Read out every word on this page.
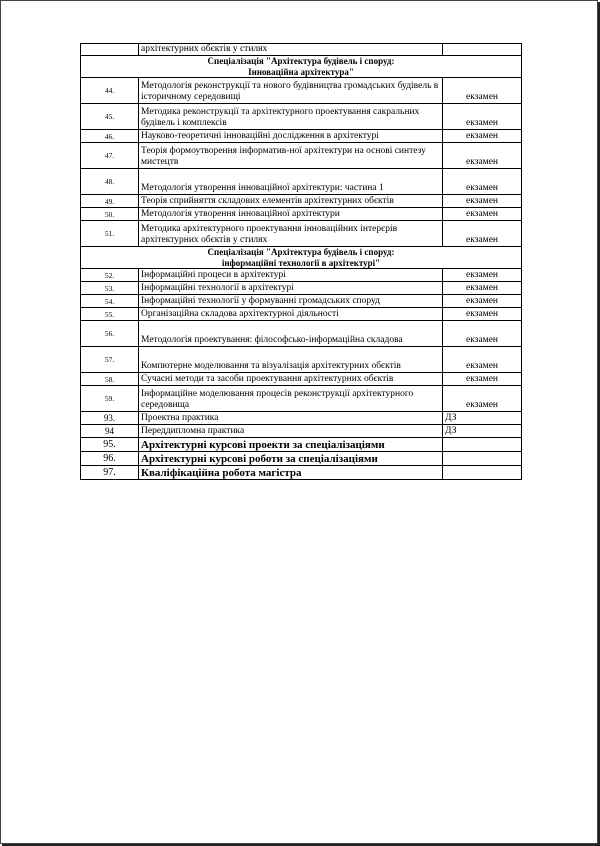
	архітектурних обєктів у стилях	
Спеціалізація "Архітектура будівель і споруд:
Інноваційна архітектура"		
44.	Методологія реконструкції та нового будівництва громадських будівель в історичному середовищі	екзамен
45.	Методика реконструкції та архітектурного проектування сакральних будівель і комплексів	екзамен
46.	Науково-теоретичні інноваційні дослідження в архітектурі	екзамен
47.	Теорія формоутворення інформатив-ної архітектури на основі синтезу мистецтв	екзамен
48.	Методологія утворення інноваційної архітектури: частина 1	екзамен
49.	Теорія сприйняття складових елементів архітектурних обєктів	екзамен
50.	Методологія утворення інноваційної архітектури	екзамен
51.	Методика архітектурного проектування інноваційних інтерєрів архітектурних обєктів у стилях	екзамен
Спеціалізація "Архітектура будівель і споруд:
інформаційні технології в архітектурі"		
52.	Інформаційні процеси в архітектурі	екзамен
53.	Інформаційні технології в архітектурі	екзамен
54.	Інформаційні технології у формуванні громадських споруд	екзамен
55.	Організаційна складова архітектурної діяльності	екзамен
56.	Методологія проектування: філософсько-інформаційна складова	екзамен
57.	Компютерне моделювання та візуалізація архітектурних обєктів	екзамен
58.	Сучасні методи та засоби проектування архітектурних обєктів	екзамен
59.	Інформаційне моделювання процесів реконструкції архітектурного середовища	екзамен
93.	Проектна практика	ДЗ
94	Переддипломна практика	ДЗ
95.	Архітектурні курсові проекти за спеціалізаціями	
96.	Архітектурні курсові роботи за спеціалізаціями	
97.	Кваліфікаційна робота магістра	
